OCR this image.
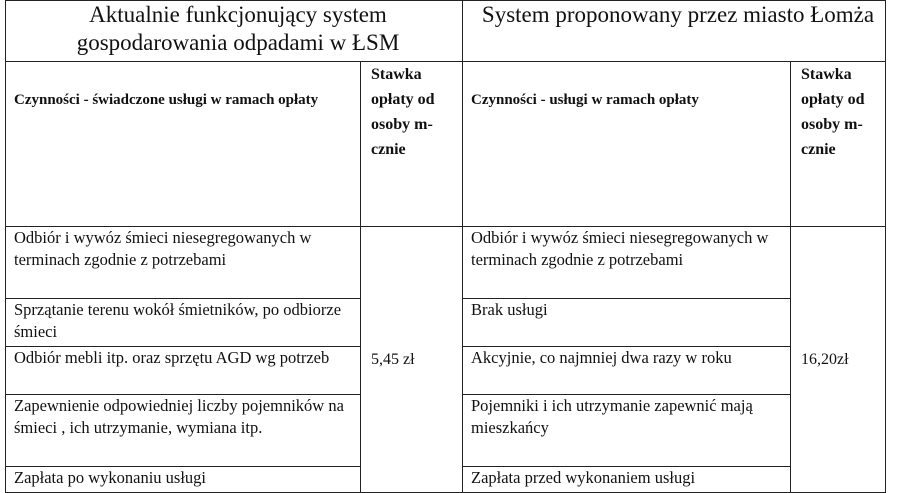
Aktualnie funkcjonujący system gospodarowania odpadami w ŁSM		System proponowany przez miasto Łomża	
Czynności - świadczone usługi w ramach opłaty	Stawka opłaty od osoby m-cznie	Czynności - usługi w ramach opłaty	Stawka opłaty od osoby m-cznie
Odbiór i wywóz śmieci niesegregowanych w terminach zgodnie z potrzebami	5,45 zł	Odbiór i wywóz śmieci niesegregowanych w terminach zgodnie z potrzebami	16,20zł
Sprzątanie terenu wokół śmietników, po odbiorze śmieci		Brak usługi	
Odbiór mebli itp. oraz sprzętu AGD wg potrzeb		Akcyjnie, co najmniej dwa razy w roku	
Zapewnienie odpowiedniej liczby pojemników na śmieci , ich utrzymanie, wymiana itp.		Pojemniki i ich utrzymanie zapewnić mają mieszkańcy	
Zapłata po wykonaniu usługi		Zapłata przed wykonaniem usługi	
